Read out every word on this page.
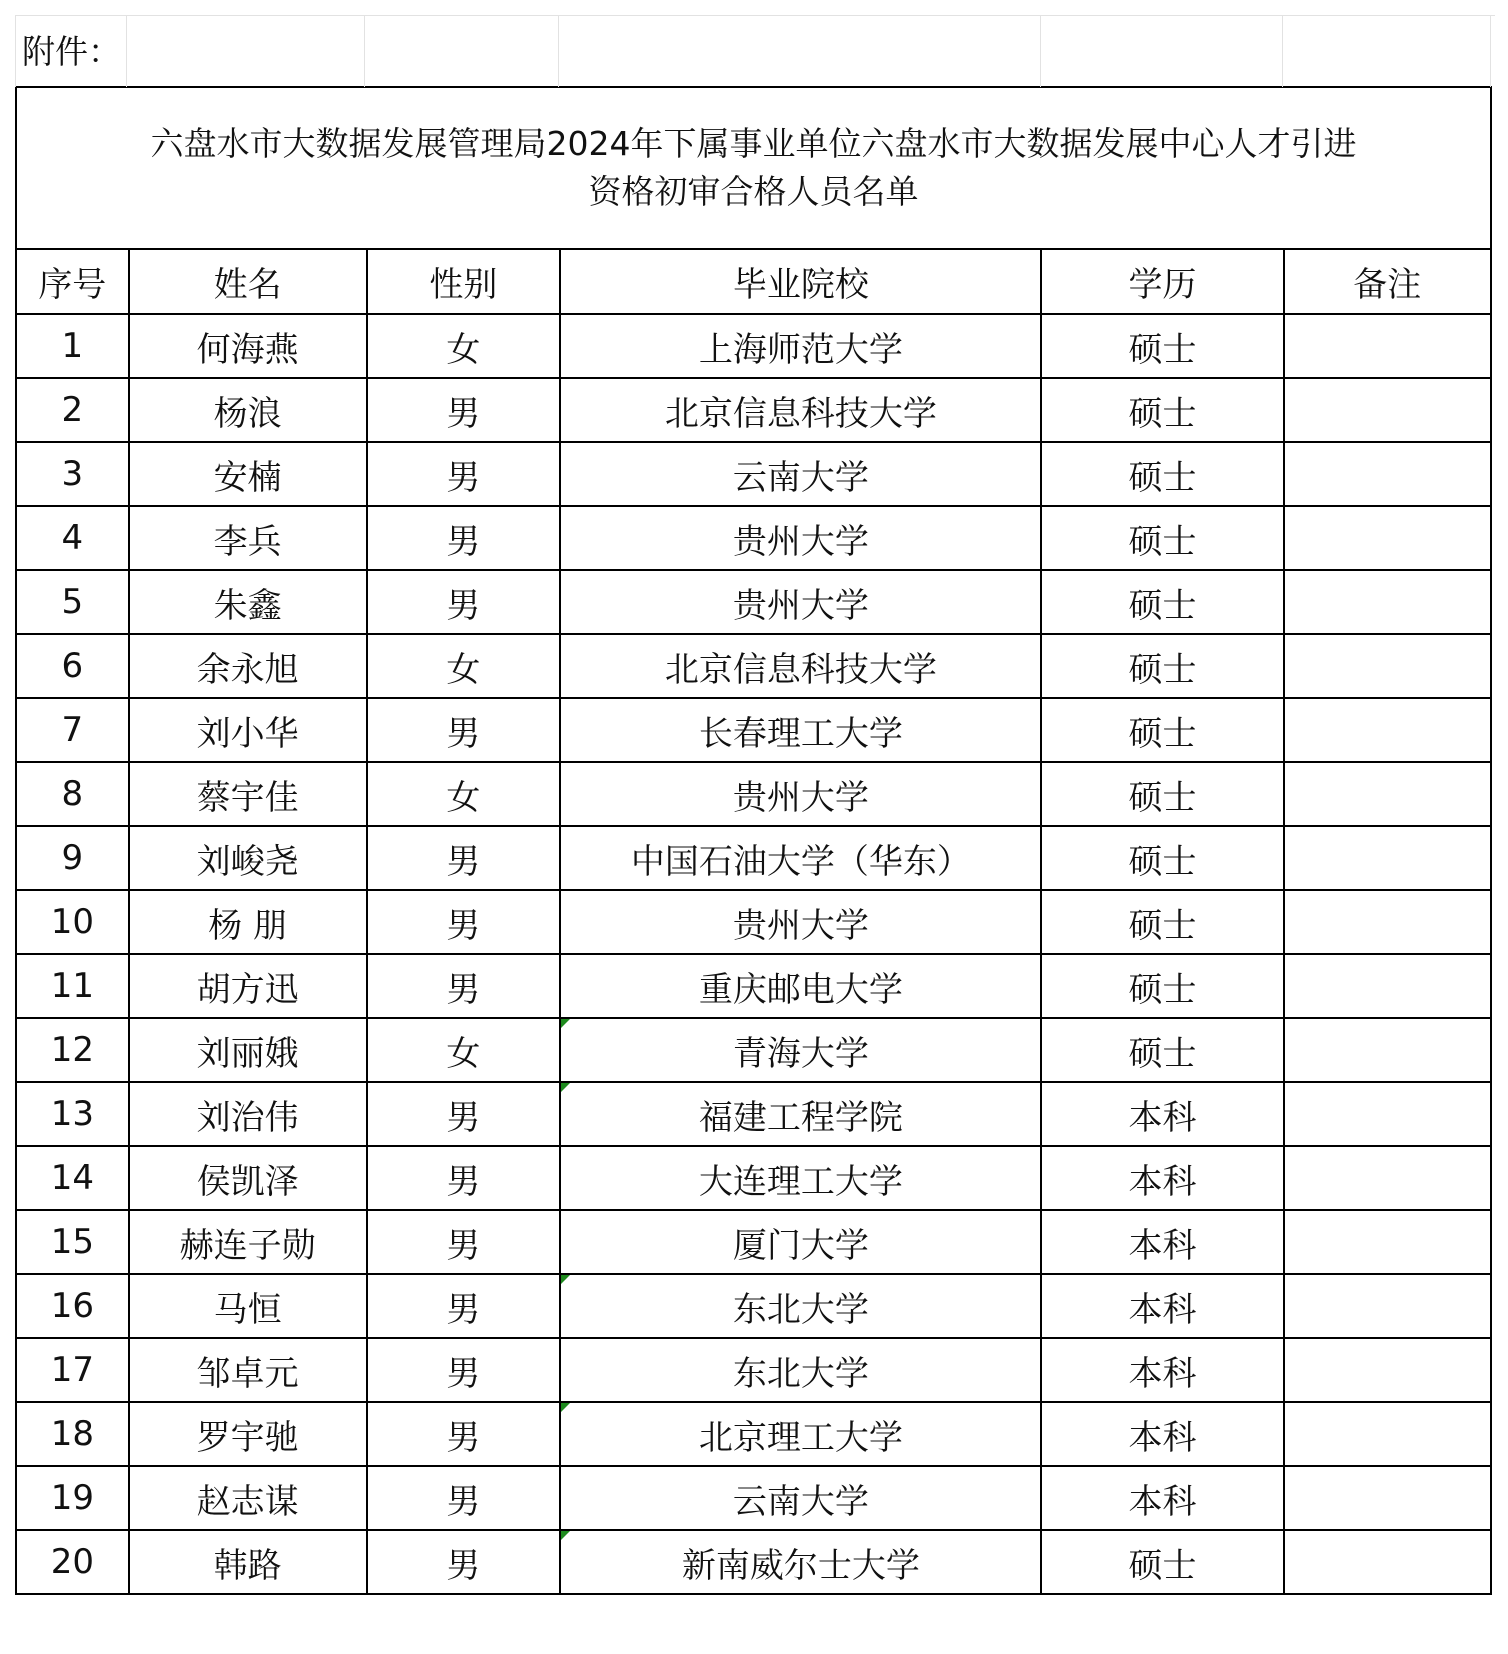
附件：
六盘水市大数据发展管理局2024年下属事业单位六盘水市大数据发展中心人才引进
资格初审合格人员名单					

序号	姓名	性别	毕业院校	学历	备注
1	何海燕	女	上海师范大学	硕士	
2	杨浪	男	北京信息科技大学	硕士	
3	安楠	男	云南大学	硕士	
4	李兵	男	贵州大学	硕士	
5	朱鑫	男	贵州大学	硕士	
6	余永旭	女	北京信息科技大学	硕士	
7	刘小华	男	长春理工大学	硕士	
8	蔡宇佳	女	贵州大学	硕士	
9	刘峻尧	男	中国石油大学（华东）	硕士	
10	杨 朋	男	贵州大学	硕士	
11	胡方迅	男	重庆邮电大学	硕士	
12	刘丽娥	女	青海大学	硕士	
13	刘治伟	男	福建工程学院	本科	
14	侯凯泽	男	大连理工大学	本科	
15	赫连子勋	男	厦门大学	本科	
16	马恒	男	东北大学	本科	
17	邹卓元	男	东北大学	本科	
18	罗宇驰	男	北京理工大学	本科	
19	赵志谋	男	云南大学	本科	
20	韩路	男	新南威尔士大学	硕士	
